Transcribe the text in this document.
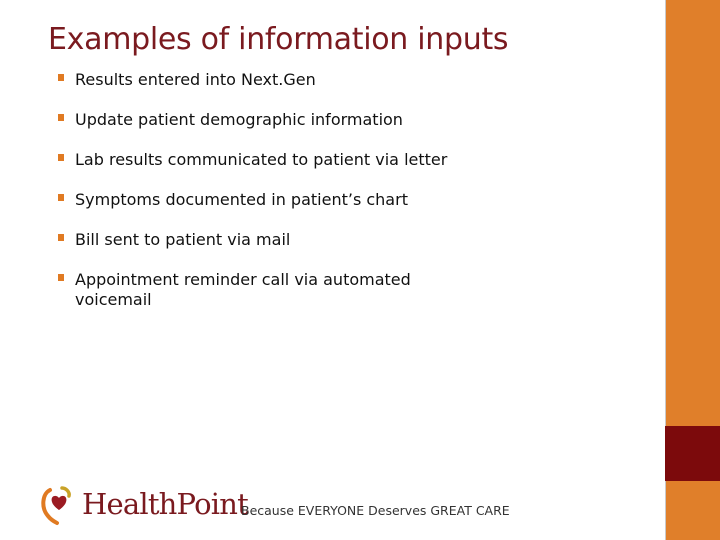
Examples of information inputs
Results entered into Next.Gen
Update patient demographic information
Lab results communicated to patient via letter
Symptoms documented in patient’s chart
Bill sent to patient via mail
Appointment reminder call via automated voicemail
HealthPoint
Because EVERYONE Deserves GREAT CARE
